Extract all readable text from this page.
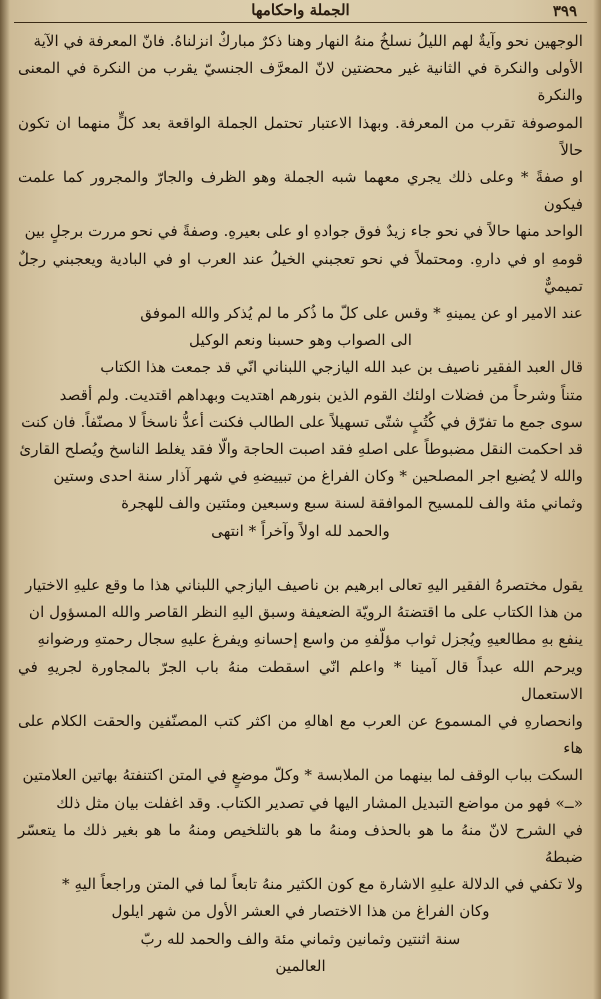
٣٩٩
الجملة واحكامها

الوجهين نحو وآيةٌ لهم الليلُ نسلخُ منهُ النهار وهنا ذكرٌ مباركٌ انزلناهُ. فانّ المعرفة في الآية

الأولى والنكرة في الثانية غير محضتين لانّ المعرَّف الجنسيّ يقرب من النكرة في المعنى والنكرة

الموصوفة تقرب من المعرفة. وبهذا الاعتبار تحتمل الجملة الواقعة بعد كلٍّ منهما ان تكون حالاً

او صفةً * وعلى ذلك يجري معهما شبه الجملة وهو الظرف والجارّ والمجرور كما علمت فيكون

الواحد منها حالاً في نحو جاء زيدٌ فوق جوادهِ او على بعيرهِ. وصفةً في نحو مررت برجلٍ بين

قومهِ او في دارهِ. ومحتملاً في نحو تعجبني الخيلُ عند العرب او في البادية ويعجبني رجلٌ تميميٌّ

عند الامير او عن يمينهِ * وقس على كلّ ما ذُكر ما لم يُذكر والله الموفق

الى الصواب وهو حسبنا ونعم الوكيل

قال العبد الفقير ناصيف بن عبد الله اليازجي اللبناني انّي قد جمعت هذا الكتاب

متناً وشرحاً من فضلات اولئك القوم الذين بنورهم اهتديت وبهداهم اقتديت. ولم أقصد

سوى جمع ما تفرّق في كُتُبٍ شتّى تسهيلاً على الطالب فكنت أعدُّ ناسخاً لا مصنّفاً. فان كنت

قد احكمت النقل مضبوطاً على اصلهِ فقد اصبت الحاجة والّا فقد يغلط الناسخ ويُصلح القارئ

والله لا يُضيع اجر المصلحين * وكان الفراغ من تبييضهِ في شهر آذار سنة احدى وستين

وثماني مئة والف للمسيح الموافقة لسنة سبع وسبعين ومئتين والف للهجرة

والحمد لله اولاً وآخراً * انتهى

يقول مختصرهُ الفقير اليهِ تعالى ابرهيم بن ناصيف اليازجي اللبناني هذا ما وقع عليهِ الاختيار

من هذا الكتاب على ما اقتضتهُ الرويّة الضعيفة وسبق اليهِ النظر القاصر والله المسؤول ان

ينفع بهِ مطالعيهِ ويُجزل ثواب مؤلّفهِ من واسع إحسانهِ ويفرغ عليهِ سجال رحمتهِ ورضوانهِ

ويرحم الله عبداً قال آمينا * واعلم انّي اسقطت منهُ باب الجرّ بالمجاورة لجريهِ في الاستعمال

وانحصارهِ في المسموع عن العرب مع اهالهِ من اكثر كتب المصنّفين والحقت الكلام على هاء

السكت بباب الوقف لما بينهما من الملابسة * وكلّ موضعٍ في المتن اكتنفتهُ بهاتين العلامتين

«ــ» فهو من مواضع التبديل المشار اليها في تصدير الكتاب. وقد اغفلت بيان مثل ذلك

في الشرح لانّ منهُ ما هو بالحذف ومنهُ ما هو بالتلخيص ومنهُ ما هو بغير ذلك ما يتعسّر ضبطهُ

ولا تكفي في الدلالة عليهِ الاشارة مع كون الكثير منهُ تابعاً لما في المتن وراجعاً اليهِ *

وكان الفراغ من هذا الاختصار في العشر الأول من شهر ايلول

سنة اثنتين وثمانين وثماني مئة والف والحمد لله ربّ

العالمين
